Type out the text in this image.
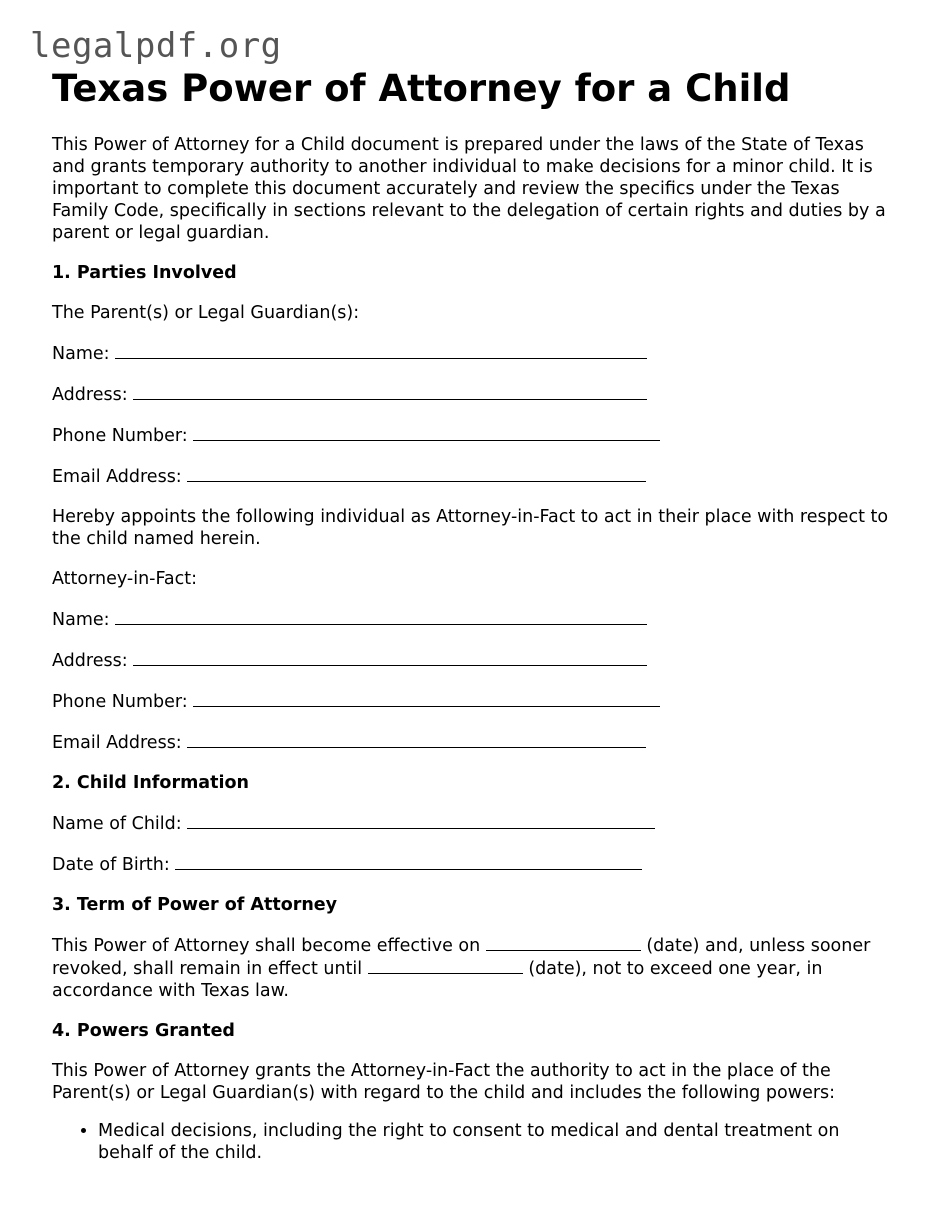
legalpdf.org
Texas Power of Attorney for a Child

This Power of Attorney for a Child document is prepared under the laws of the State of Texas and grants temporary authority to another individual to make decisions for a minor child. It is important to complete this document accurately and review the specifics under the Texas Family Code, specifically in sections relevant to the delegation of certain rights and duties by a parent or legal guardian.

1. Parties Involved

The Parent(s) or Legal Guardian(s):

Name:

Address:

Phone Number:

Email Address:

Hereby appoints the following individual as Attorney-in-Fact to act in their place with respect to the child named herein.

Attorney-in-Fact:

Name:

Address:

Phone Number:

Email Address:

2. Child Information

Name of Child:

Date of Birth:

3. Term of Power of Attorney

This Power of Attorney shall become effective on	(date) and, unless sooner revoked, shall remain in effect until	(date), not to exceed one year, in accordance with Texas law.

4. Powers Granted

This Power of Attorney grants the Attorney-in-Fact the authority to act in the place of the Parent(s) or Legal Guardian(s) with regard to the child and includes the following powers:

• Medical decisions, including the right to consent to medical and dental treatment on behalf of the child.
